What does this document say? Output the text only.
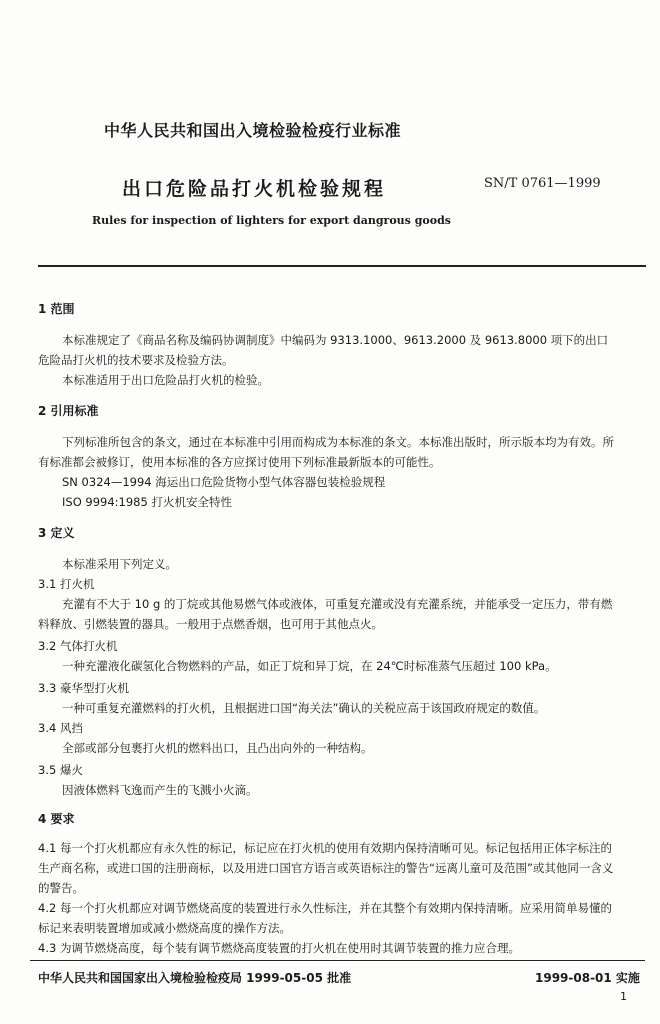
中华人民共和国出入境检验检疫行业标准
出口危险品打火机检验规程	SN/T 0761—1999
Rules for inspection of lighters for export dangrous goods
1 范围
本标准规定了《商品名称及编码协调制度》中编码为 9313.1000、9613.2000 及 9613.8000 项下的出口危险品打火机的技术要求及检验方法。
本标准适用于出口危险品打火机的检验。
2 引用标准
下列标准所包含的条文，通过在本标准中引用而构成为本标准的条文。本标准出版时，所示版本均为有效。所有标准都会被修订，使用本标准的各方应探讨使用下列标准最新版本的可能性。
SN 0324—1994 海运出口危险货物小型气体容器包装检验规程
ISO 9994:1985 打火机安全特性
3 定义
本标准采用下列定义。
3.1 打火机
充灌有不大于 10 g 的丁烷或其他易燃气体或液体，可重复充灌或没有充灌系统，并能承受一定压力，带有燃料释放、引燃装置的器具。一般用于点燃香烟，也可用于其他点火。
3.2 气体打火机
一种充灌液化碳氢化合物燃料的产品，如正丁烷和异丁烷，在 24℃时标准蒸气压超过 100 kPa。
3.3 豪华型打火机
一种可重复充灌燃料的打火机，且根据进口国“海关法”确认的关税应高于该国政府规定的数值。
3.4 风挡
全部或部分包裹打火机的燃料出口，且凸出向外的一种结构。
3.5 爆火
因液体燃料飞逸而产生的飞溅小火滴。
4 要求
4.1 每一个打火机都应有永久性的标记，标记应在打火机的使用有效期内保持清晰可见。标记包括用正体字标注的生产商名称，或进口国的注册商标，以及用进口国官方语言或英语标注的警告“远离儿童可及范围”或其他同一含义的警告。
4.2 每一个打火机都应对调节燃烧高度的装置进行永久性标注，并在其整个有效期内保持清晰。应采用简单易懂的标记来表明装置增加或减小燃烧高度的操作方法。
4.3 为调节燃烧高度，每个装有调节燃烧高度装置的打火机在使用时其调节装置的推力应合理。
中华人民共和国国家出入境检验检疫局 1999-05-05 批准	1999-08-01 实施
1
